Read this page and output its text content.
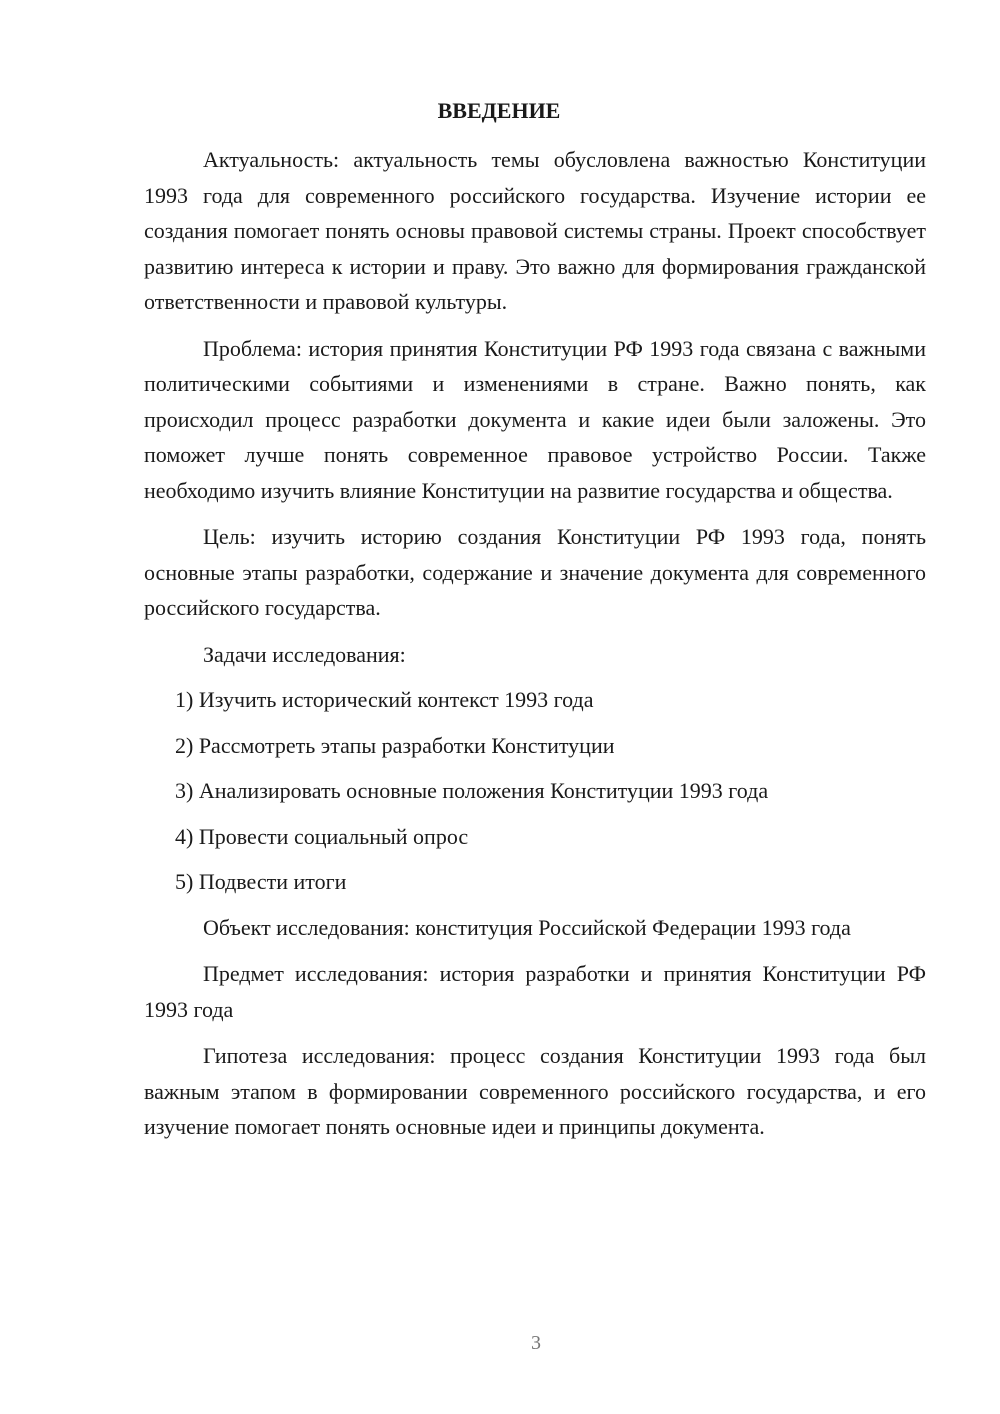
ВВЕДЕНИЕ

Актуальность: актуальность темы обусловлена важностью Конституции 1993 года для современного российского государства. Изучение истории ее создания помогает понять основы правовой системы страны. Проект способствует развитию интереса к истории и праву. Это важно для формирования гражданской ответственности и правовой культуры.

Проблема: история принятия Конституции РФ 1993 года связана с важными политическими событиями и изменениями в стране. Важно понять, как происходил процесс разработки документа и какие идеи были заложены. Это поможет лучше понять современное правовое устройство России. Также необходимо изучить влияние Конституции на развитие государства и общества.

Цель: изучить историю создания Конституции РФ 1993 года, понять основные этапы разработки, содержание и значение документа для современного российского государства.

Задачи исследования:

1) Изучить исторический контекст 1993 года
2) Рассмотреть этапы разработки Конституции
3) Анализировать основные положения Конституции 1993 года
4) Провести социальный опрос
5) Подвести итоги

Объект исследования: конституция Российской Федерации 1993 года

Предмет исследования: история разработки и принятия Конституции РФ 1993 года

Гипотеза исследования: процесс создания Конституции 1993 года был важным этапом в формировании современного российского государства, и его изучение помогает понять основные идеи и принципы документа.

3
